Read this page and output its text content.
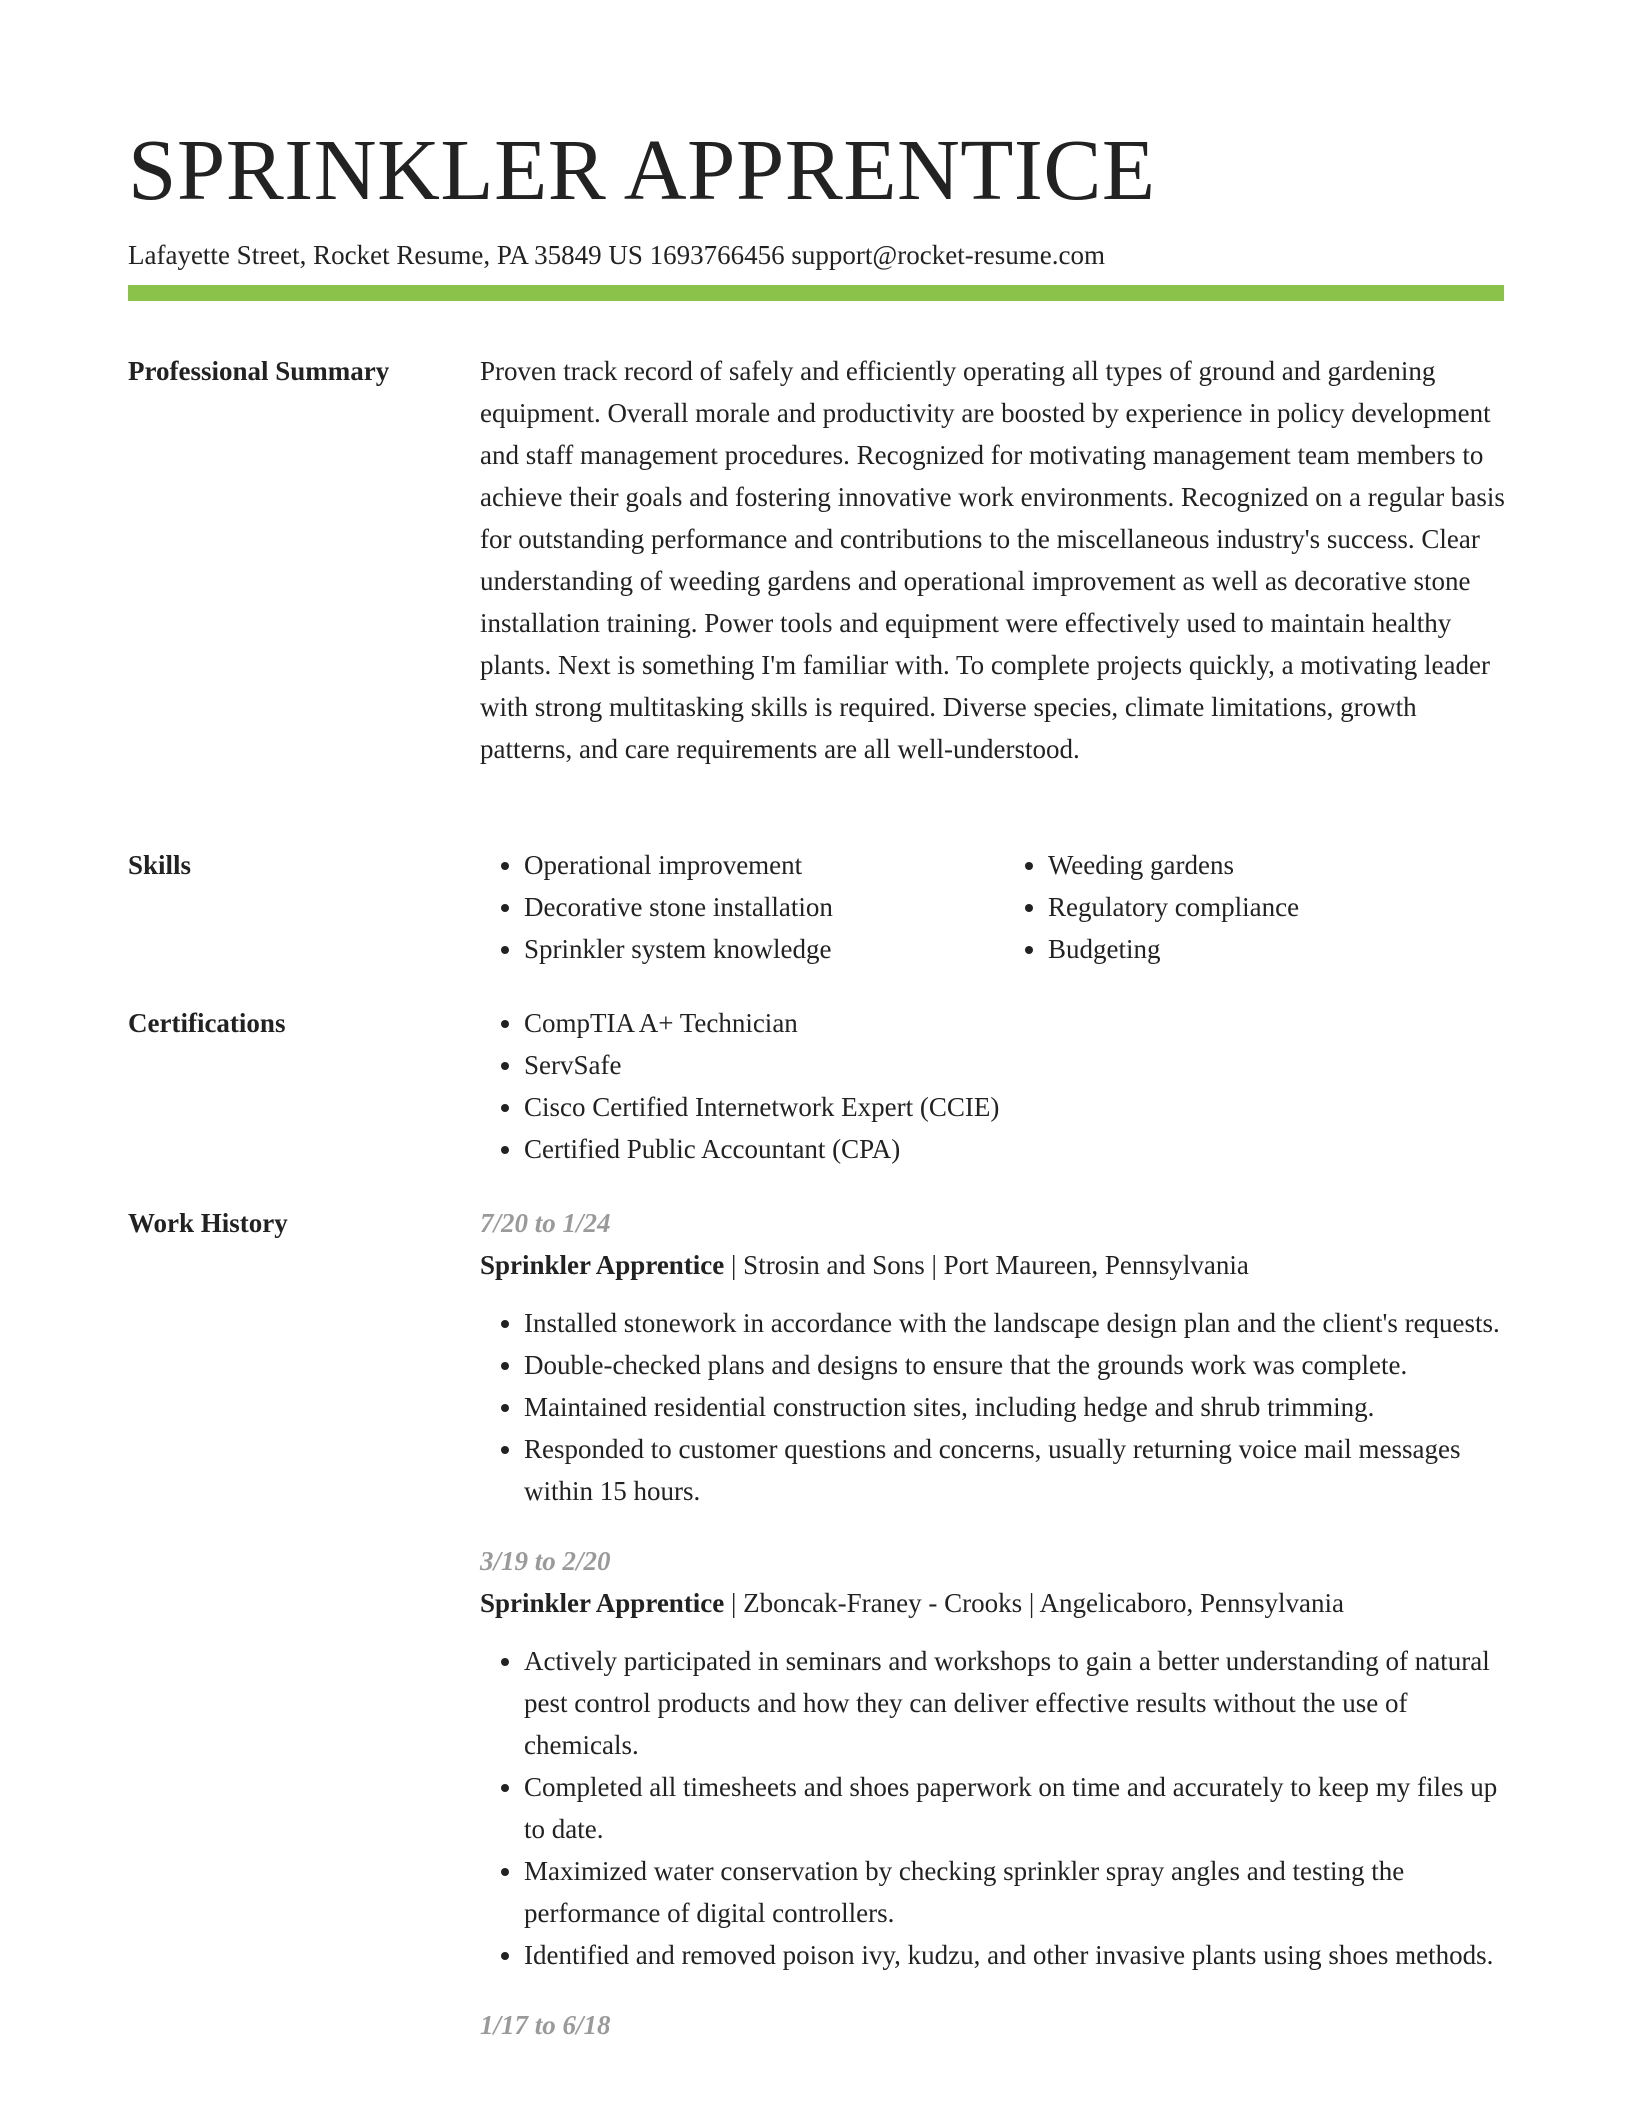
SPRINKLER APPRENTICE
Lafayette Street, Rocket Resume, PA 35849 US 1693766456 support@rocket-resume.com
Professional Summary	Proven track record of safely and efficiently operating all types of ground and gardening equipment. Overall morale and productivity are boosted by experience in policy development and staff management procedures. Recognized for motivating management team members to achieve their goals and fostering innovative work environments. Recognized on a regular basis for outstanding performance and contributions to the miscellaneous industry's success. Clear understanding of weeding gardens and operational improvement as well as decorative stone installation training. Power tools and equipment were effectively used to maintain healthy plants. Next is something I'm familiar with. To complete projects quickly, a motivating leader with strong multitasking skills is required. Diverse species, climate limitations, growth patterns, and care requirements are all well-understood.

Skills	• Operational improvement
• Decorative stone installation
• Sprinkler system knowledge
• Weeding gardens
• Regulatory compliance
• Budgeting
Certifications	• CompTIA A+ Technician
• ServSafe
• Cisco Certified Internetwork Expert (CCIE)
• Certified Public Accountant (CPA)
Work History	7/20 to 1/24
Sprinkler Apprentice | Strosin and Sons | Port Maureen, Pennsylvania
• Installed stonework in accordance with the landscape design plan and the client's requests.
• Double-checked plans and designs to ensure that the grounds work was complete.
• Maintained residential construction sites, including hedge and shrub trimming.
• Responded to customer questions and concerns, usually returning voice mail messages within 15 hours.
3/19 to 2/20
Sprinkler Apprentice | Zboncak-Franey - Crooks | Angelicaboro, Pennsylvania
• Actively participated in seminars and workshops to gain a better understanding of natural pest control products and how they can deliver effective results without the use of chemicals.
• Completed all timesheets and shoes paperwork on time and accurately to keep my files up to date.
• Maximized water conservation by checking sprinkler spray angles and testing the performance of digital controllers.
• Identified and removed poison ivy, kudzu, and other invasive plants using shoes methods.
1/17 to 6/18
